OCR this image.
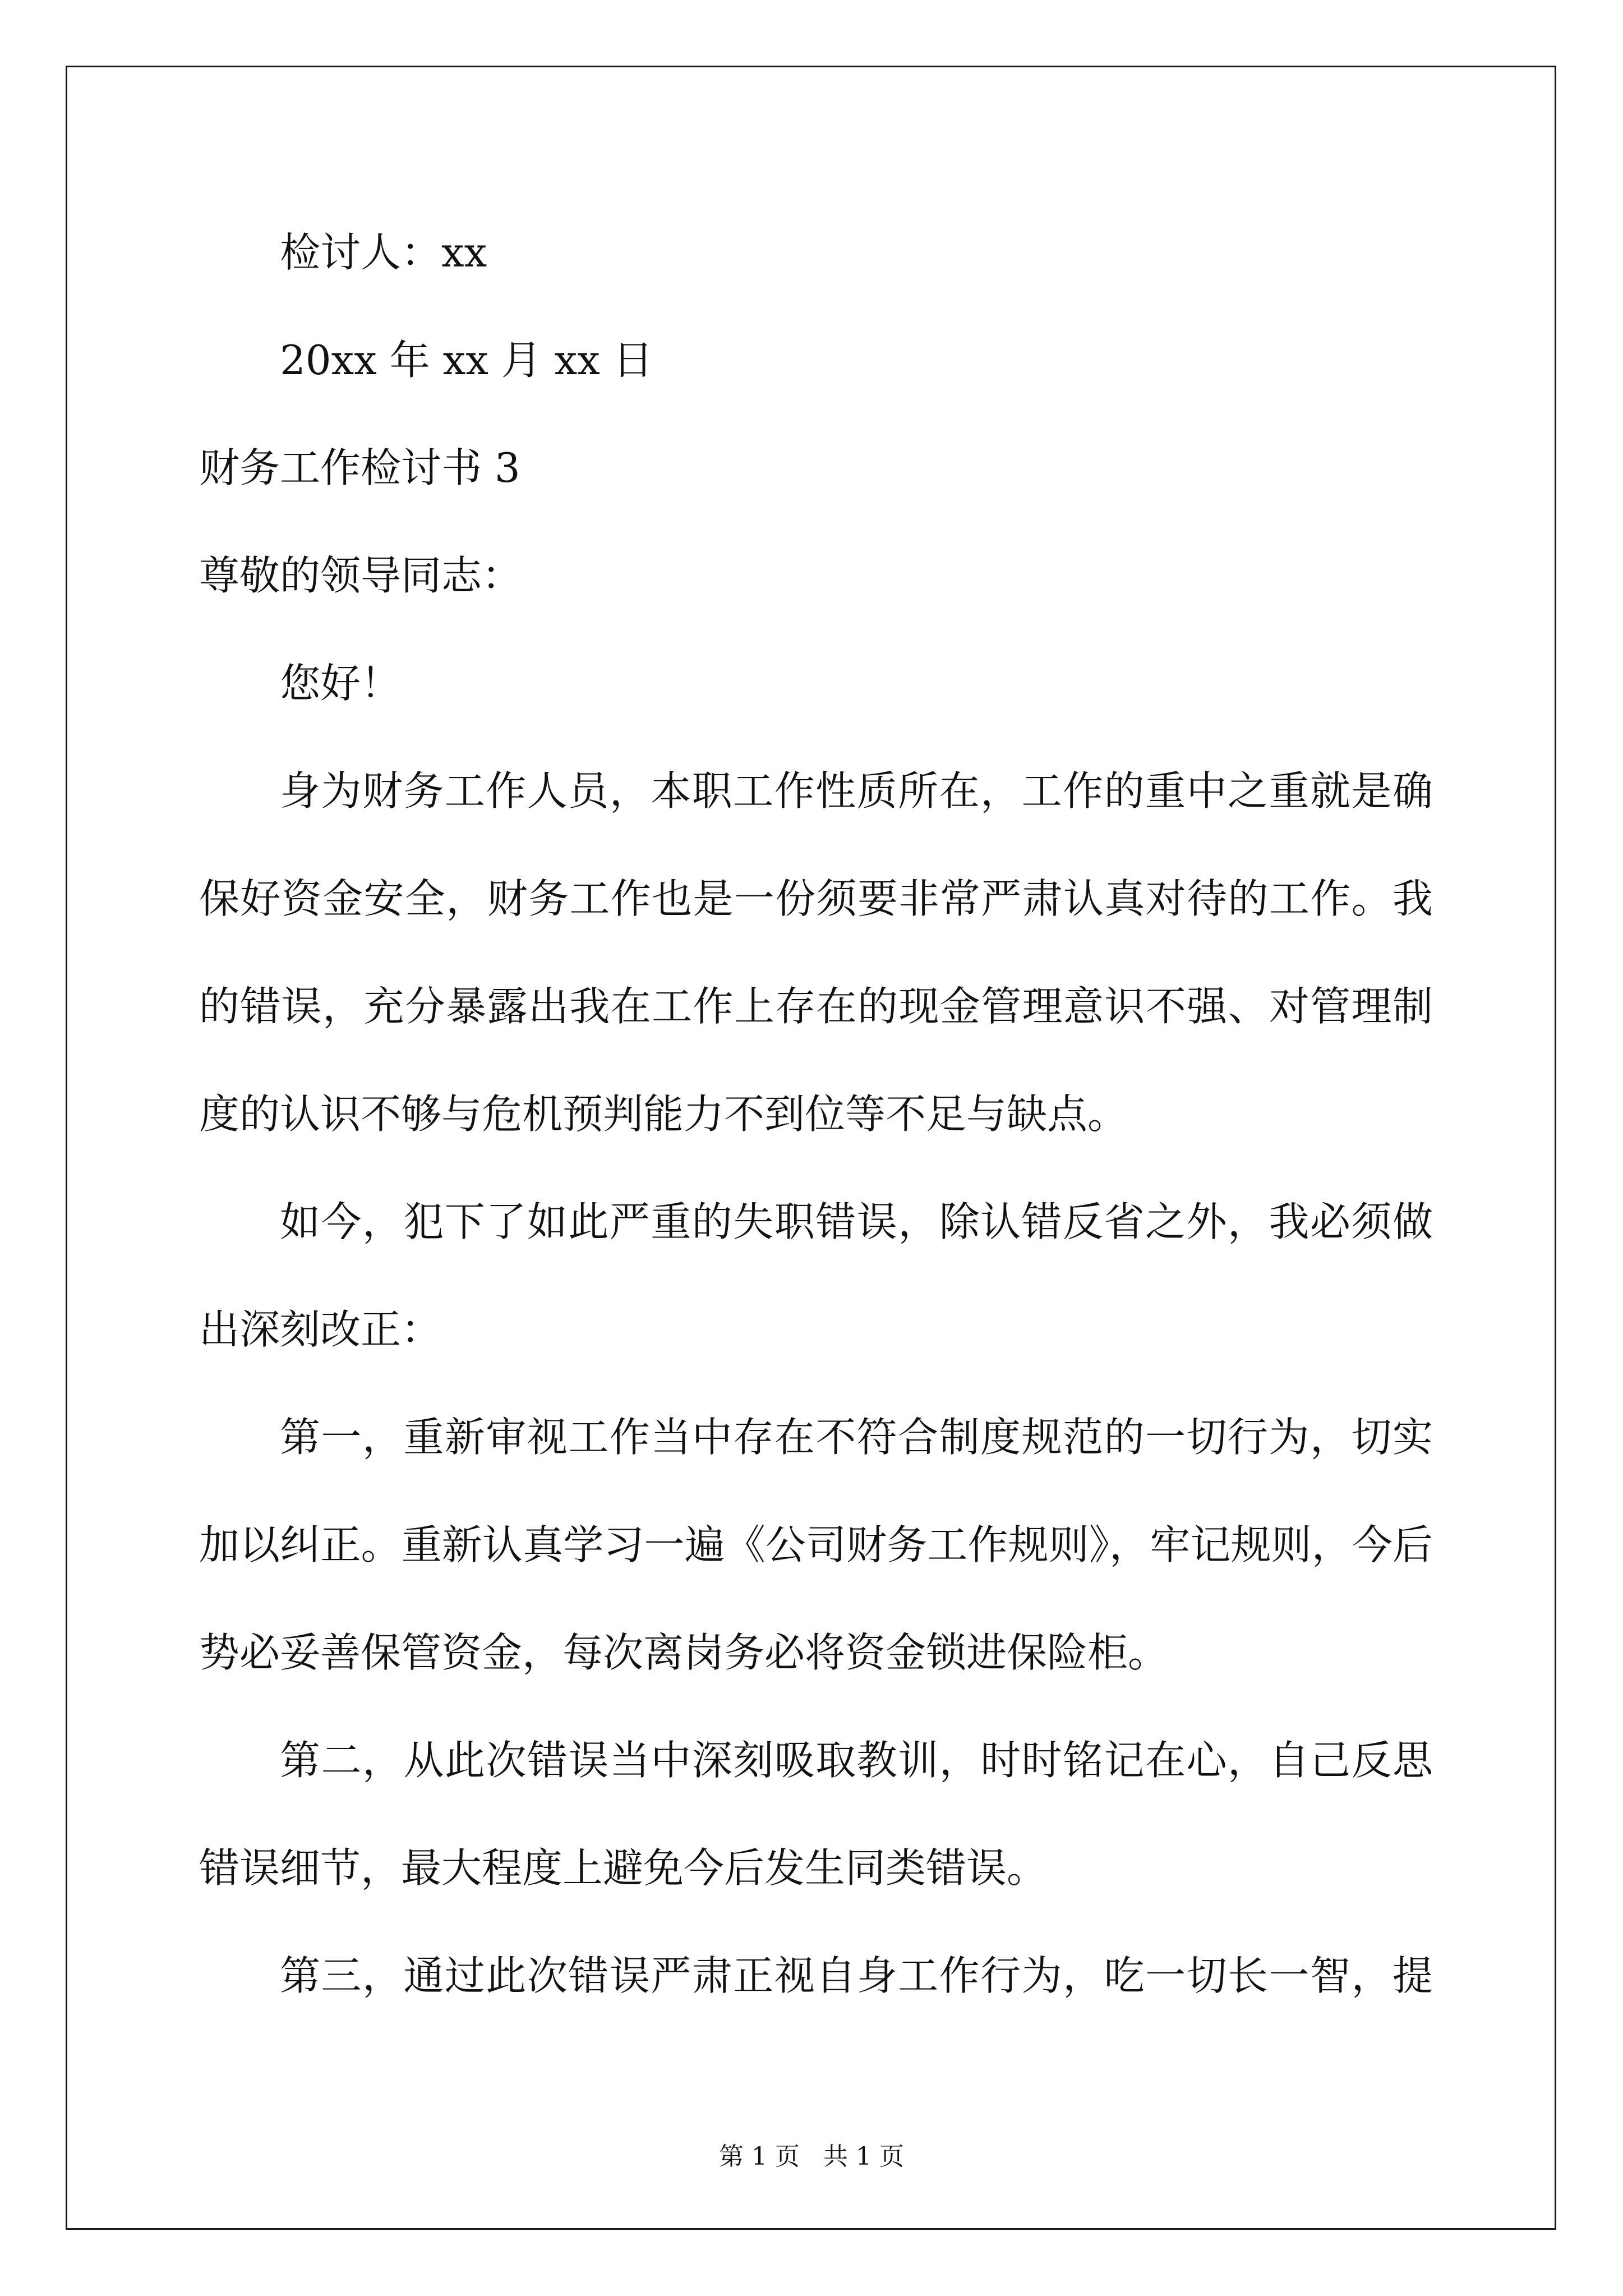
检讨人：xx
20xx 年 xx 月 xx 日
财务工作检讨书 3
尊敬的领导同志：
您好！
身为财务工作人员，本职工作性质所在，工作的重中之重就是确
保好资金安全，财务工作也是一份须要非常严肃认真对待的工作。我
的错误，充分暴露出我在工作上存在的现金管理意识不强、对管理制
度的认识不够与危机预判能力不到位等不足与缺点。
如今，犯下了如此严重的失职错误，除认错反省之外，我必须做
出深刻改正：
第一，重新审视工作当中存在不符合制度规范的一切行为，切实
加以纠正。重新认真学习一遍《公司财务工作规则》，牢记规则，今后
势必妥善保管资金，每次离岗务必将资金锁进保险柜。
第二，从此次错误当中深刻吸取教训，时时铭记在心，自己反思
错误细节，最大程度上避免今后发生同类错误。
第三，通过此次错误严肃正视自身工作行为，吃一切长一智，提
第 1 页   共 1 页
